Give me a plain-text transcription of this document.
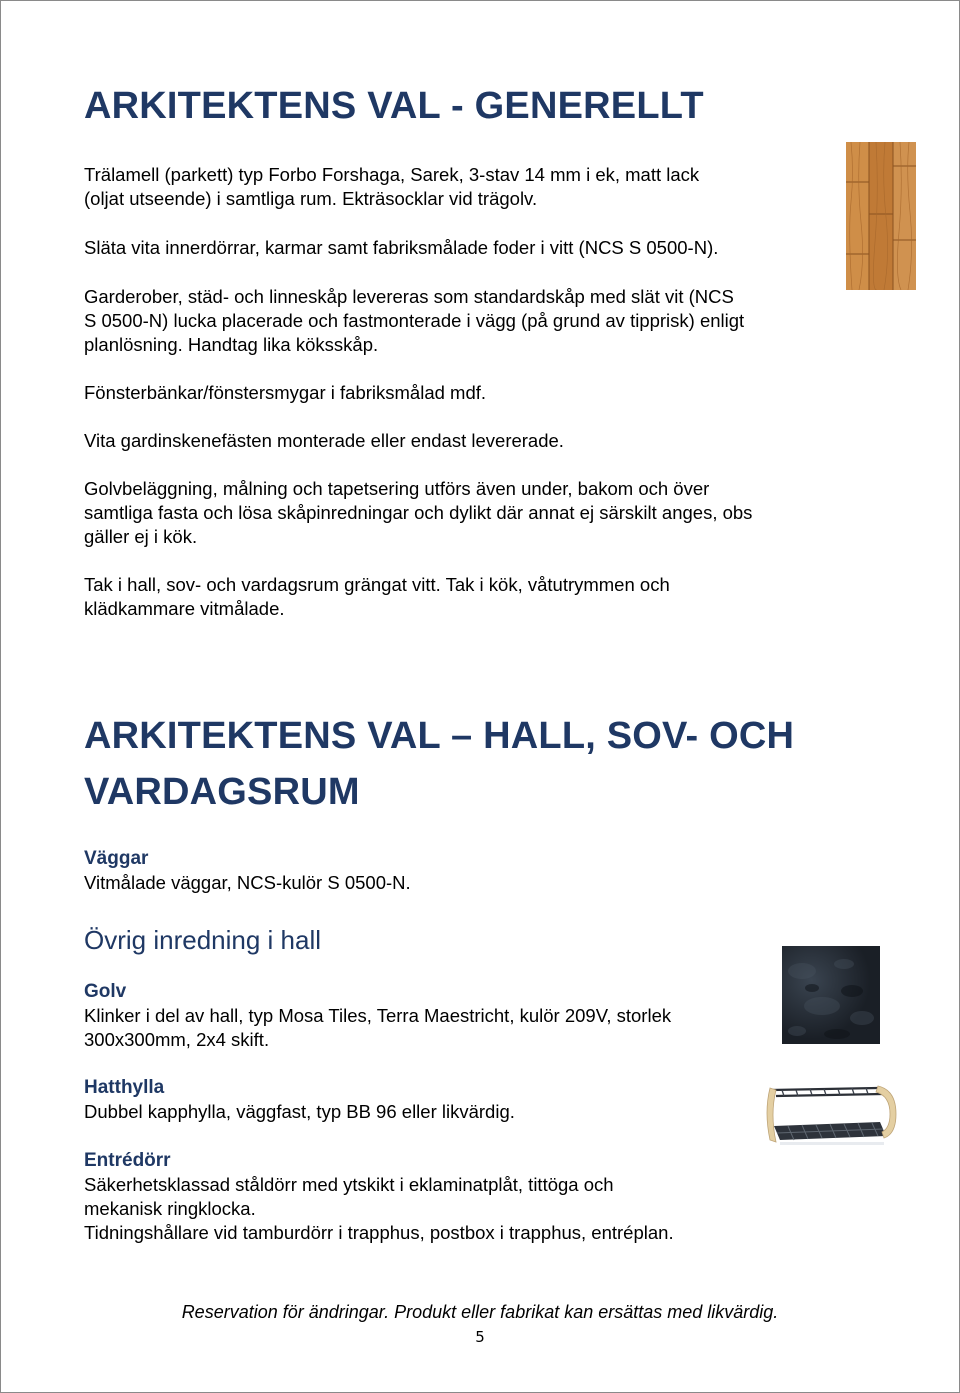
ARKITEKTENS VAL - GENERELLT
Trälamell (parkett) typ Forbo Forshaga, Sarek, 3-stav 14 mm i ek, matt lack
(oljat utseende) i samtliga rum. Ekträsocklar vid trägolv.
Släta vita innerdörrar, karmar samt fabriksmålade foder i vitt (NCS S 0500-N).
Garderober, städ- och linneskåp levereras som standardskåp med slät vit (NCS
S 0500-N) lucka placerade och fastmonterade i vägg (på grund av tipprisk) enligt
planlösning. Handtag lika köksskåp.
Fönsterbänkar/fönstersmygar i fabriksmålad mdf.
Vita gardinskenefästen monterade eller endast levererade.
Golvbeläggning, målning och tapetsering utförs även under, bakom och över
samtliga fasta och lösa skåpinredningar och dylikt där annat ej särskilt anges, obs
gäller ej i kök.
Tak i hall, sov- och vardagsrum grängat vitt. Tak i kök, våtutrymmen och
klädkammare vitmålade.
ARKITEKTENS VAL – HALL, SOV- OCH
VARDAGSRUM
Väggar
Vitmålade väggar, NCS-kulör S 0500-N.
Övrig inredning i hall
Golv
Klinker i del av hall, typ Mosa Tiles, Terra Maestricht, kulör 209V, storlek
300x300mm, 2x4 skift.
Hatthylla
Dubbel kapphylla, väggfast, typ BB 96 eller likvärdig.
Entrédörr
Säkerhetsklassad ståldörr med ytskikt i eklaminatplåt, tittöga och
mekanisk ringklocka.
Tidningshållare vid tamburdörr i trapphus, postbox i trapphus, entréplan.
Reservation för ändringar. Produkt eller fabrikat kan ersättas med likvärdig.
5
